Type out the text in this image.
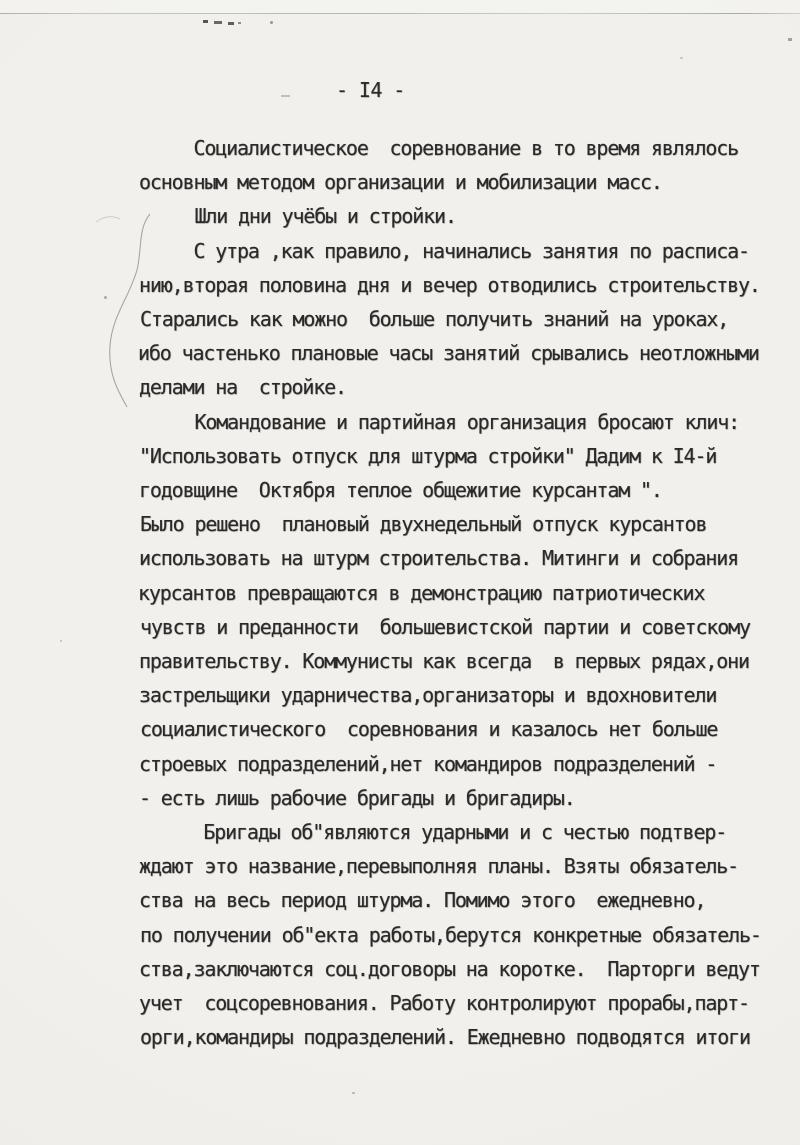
- I4 -
Социалистическое  соревнование в то время являлось
основным методом организации и мобилизации масс.
Шли дни учёбы и стройки.
С утра ,как правило, начинались занятия по расписа-
нию,вторая половина дня и вечер отводились строительству.
Старались как можно  больше получить знаний на уроках,
ибо частенько плановые часы занятий срывались неотложными
делами на  стройке.
Командование и партийная организация бросают клич:
"Использовать отпуск для штурма стройки" Дадим к I4-й
годовщине  Октября теплое общежитие курсантам ".
Было решено  плановый двухнедельный отпуск курсантов
использовать на штурм строительства. Митинги и собрания
курсантов превращаются в демонстрацию патриотических
чувств и преданности  большевистской партии и советскому
правительству. Коммунисты как всегда  в первых рядах,они
застрельщики ударничества,организаторы и вдохновители
социалистического  соревнования и казалось нет больше
строевых подразделений,нет командиров подразделений -
- есть лишь рабочие бригады и бригадиры.
Бригады об"являются ударными и с честью подтвер-
ждают это название,перевыполняя планы. Взяты обязатель-
ства на весь период штурма. Помимо этого  ежедневно,
по получении об"екта работы,берутся конкретные обязатель-
ства,заключаются соц.договоры на коротке.  Парторги ведут
учет  соцсоревнования. Работу контролируют прорабы,парт-
орги,командиры подразделений. Ежедневно подводятся итоги
